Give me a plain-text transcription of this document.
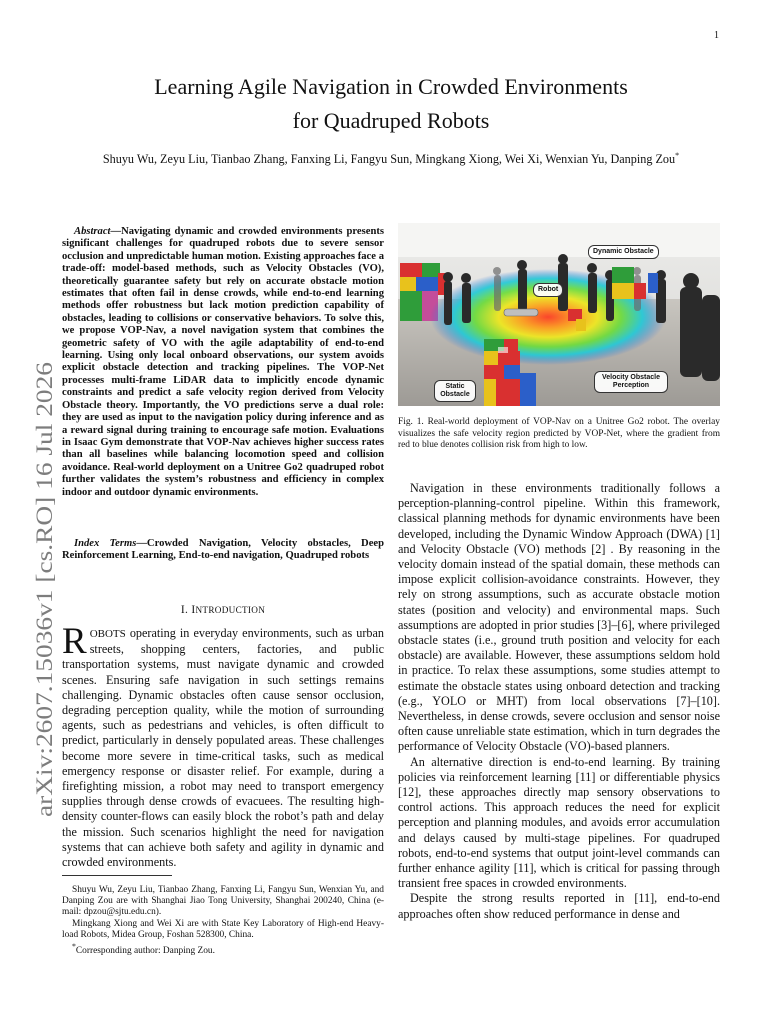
1
Learning Agile Navigation in Crowded Environments
for Quadruped Robots
Shuyu Wu, Zeyu Liu, Tianbao Zhang, Fanxing Li, Fangyu Sun, Mingkang Xiong, Wei Xi, Wenxian Yu, Danping Zou*
arXiv:2607.15036v1 [cs.RO] 16 Jul 2026
Abstract—Navigating dynamic and crowded environments presents significant challenges for quadruped robots due to severe sensor occlusion and unpredictable human motion. Existing approaches face a trade-off: model-based methods, such as Velocity Obstacles (VO), theoretically guarantee safety but rely on accurate obstacle motion estimates that often fail in dense crowds, while end-to-end learning methods offer robustness but lack motion prediction capability of obstacles, leading to collisions or conservative behaviors. To solve this, we propose VOP-Nav, a novel navigation system that combines the geometric safety of VO with the agile adaptability of end-to-end learning. Using only local onboard observations, our system avoids explicit obstacle detection and tracking pipelines. The VOP-Net processes multi-frame LiDAR data to implicitly encode dynamic constraints and predict a safe velocity region derived from Velocity Obstacle theory. Importantly, the VO predictions serve a dual role: they are used as input to the navigation policy during inference and as a reward signal during training to encourage safe motion. Evaluations in Isaac Gym demonstrate that VOP-Nav achieves higher success rates than all baselines while balancing locomotion speed and collision avoidance. Real-world deployment on a Unitree Go2 quadruped robot further validates the system’s robustness and efficiency in complex indoor and outdoor dynamic environments.
Index Terms—Crowded Navigation, Velocity obstacles, Deep Reinforcement Learning, End-to-end navigation, Quadruped robots
I. INTRODUCTION
ROBOTS operating in everyday environments, such as urban streets, shopping centers, factories, and public transportation systems, must navigate dynamic and crowded scenes. Ensuring safe navigation in such settings remains challenging. Dynamic obstacles often cause sensor occlusion, degrading perception quality, while the motion of surrounding agents, such as pedestrians and vehicles, is often difficult to predict, particularly in densely populated areas. These challenges become more severe in time-critical tasks, such as medical emergency response or disaster relief. For example, during a firefighting mission, a robot may need to transport emergency supplies through dense crowds of evacuees. The resulting high-density counter-flows can easily block the robot’s path and delay the mission. Such scenarios highlight the need for navigation systems that can achieve both safety and agility in dynamic and crowded environments.

Shuyu Wu, Zeyu Liu, Tianbao Zhang, Fanxing Li, Fangyu Sun, Wenxian Yu, and Danping Zou are with Shanghai Jiao Tong University, Shanghai 200240, China (e-mail: dpzou@sjtu.edu.cn).

Mingkang Xiong and Wei Xi are with State Key Laboratory of High-end Heavy-load Robots, Midea Group, Foshan 528300, China.

*Corresponding author: Danping Zou.

Dynamic Obstacle
Robot
Static Obstacle
Velocity Obstacle Perception
Fig. 1. Real-world deployment of VOP-Nav on a Unitree Go2 robot. The overlay visualizes the safe velocity region predicted by VOP-Net, where the gradient from red to blue denotes collision risk from high to low.

Navigation in these environments traditionally follows a perception-planning-control pipeline. Within this framework, classical planning methods for dynamic environments have been developed, including the Dynamic Window Approach (DWA) [1] and Velocity Obstacle (VO) methods [2] . By reasoning in the velocity domain instead of the spatial domain, these methods can impose explicit collision-avoidance constraints. However, they rely on strong assumptions, such as accurate obstacle motion states (position and velocity) and environmental maps. Such assumptions are adopted in prior studies [3]–[6], where privileged obstacle states (i.e., ground truth position and velocity for each obstacle) are available. However, these assumptions seldom hold in practice. To relax these assumptions, some studies attempt to estimate the obstacle states using onboard detection and tracking (e.g., YOLO or MHT) from local observations [7]–[10]. Nevertheless, in dense crowds, severe occlusion and sensor noise often cause unreliable state estimation, which in turn degrades the performance of Velocity Obstacle (VO)-based planners.

An alternative direction is end-to-end learning. By training policies via reinforcement learning [11] or differentiable physics [12], these approaches directly map sensory observations to control actions. This approach reduces the need for explicit perception and planning modules, and avoids error accumulation and delays caused by multi-stage pipelines. For quadruped robots, end-to-end systems that output joint-level commands can further enhance agility [11], which is critical for passing through transient free spaces in crowded environments.

Despite the strong results reported in [11], end-to-end approaches often show reduced performance in dense and
